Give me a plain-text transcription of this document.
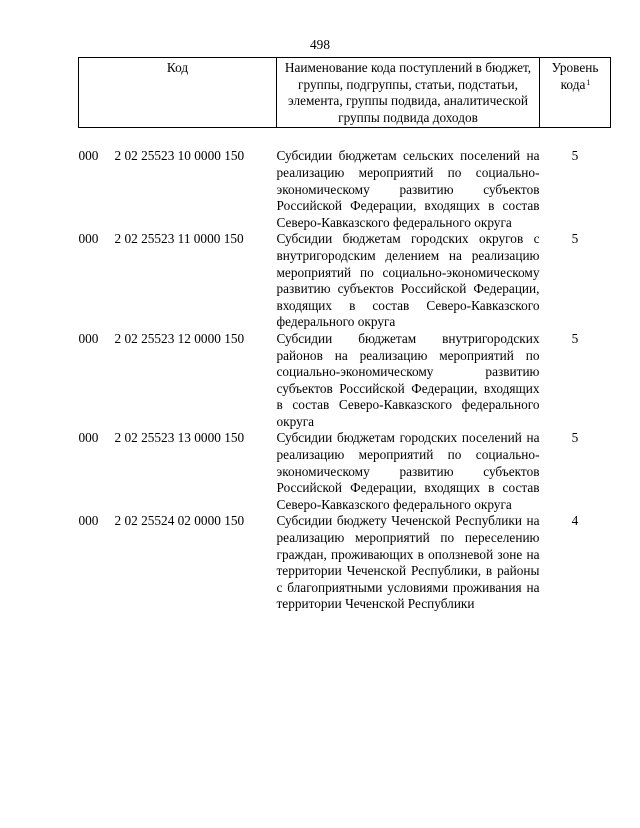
498
Код	Наименование кода поступлений в бюджет, группы, подгруппы, статьи, подстатьи, элемента, группы подвида, аналитической группы подвида доходов	Уровень кода$^1$

000 2 02 25523 10 0000 150	Субсидии бюджетам сельских поселений на реализацию мероприятий по социально-экономическому развитию субъектов Российской Федерации, входящих в состав Северо-Кавказского федерального округа	5
000 2 02 25523 11 0000 150	Субсидии бюджетам городских округов с внутригородским делением на реализацию мероприятий по социально-экономическому развитию субъектов Российской Федерации, входящих в состав Северо-Кавказского федерального округа	5
000 2 02 25523 12 0000 150	Субсидии бюджетам внутригородских районов на реализацию мероприятий по социально-экономическому развитию субъектов Российской Федерации, входящих в состав Северо-Кавказского федерального округа	5
000 2 02 25523 13 0000 150	Субсидии бюджетам городских поселений на реализацию мероприятий по социально-экономическому развитию субъектов Российской Федерации, входящих в состав Северо-Кавказского федерального округа	5
000 2 02 25524 02 0000 150	Субсидии бюджету Чеченской Республики на реализацию мероприятий по переселению граждан, проживающих в оползневой зоне на территории Чеченской Республики, в районы с благоприятными условиями проживания на территории Чеченской Республики	4
